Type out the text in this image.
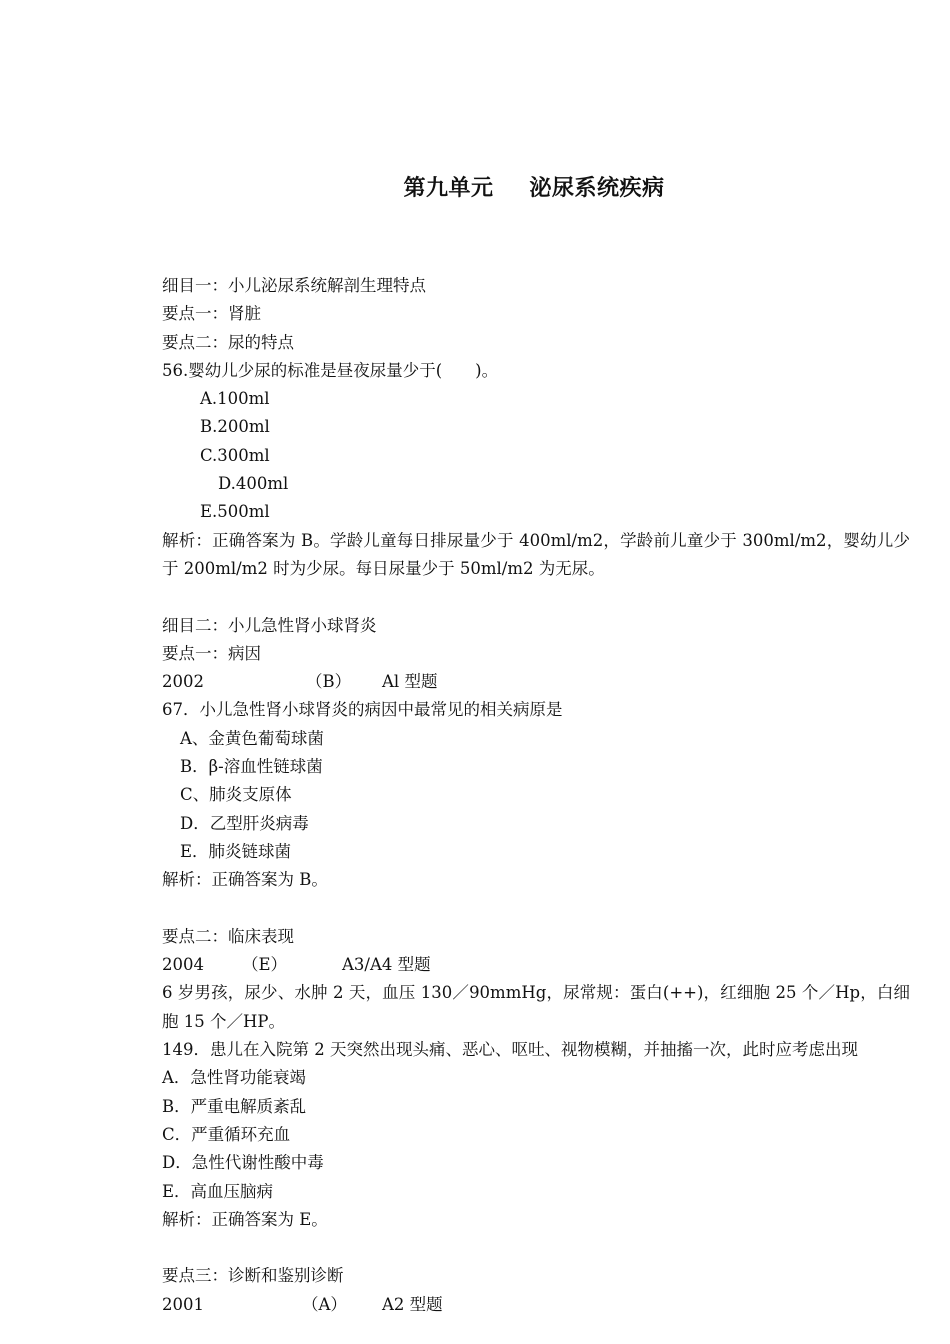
第九单元 泌尿系统疾病
细目一：小儿泌尿系统解剖生理特点
要点一：肾脏
要点二：尿的特点
56.婴幼儿少尿的标准是昼夜尿量少于(　　)。
A.100ml
B.200ml
C.300ml
D.400ml
E.500ml
解析：正确答案为 B。学龄儿童每日排尿量少于 400ml/m2，学龄前儿童少于 300ml/m2，婴幼儿少于 200ml/m2 时为少尿。每日尿量少于 50ml/m2 为无尿。
细目二：小儿急性肾小球肾炎
要点一：病因
2002	（B） Al 型题
67．小儿急性肾小球肾炎的病因中最常见的相关病原是
A、金黄色葡萄球菌
B．β-溶血性链球菌
C、肺炎支原体
D．乙型肝炎病毒
E．肺炎链球菌
解析：正确答案为 B。
要点二：临床表现
2004 （E）	A3/A4 型题
6 岁男孩，尿少、水肿 2 天，血压 130／90mmHg，尿常规：蛋白(++)，红细胞 25 个／Hp，白细胞 15 个／HP。
149．患儿在入院第 2 天突然出现头痛、恶心、呕吐、视物模糊，并抽搐一次，此时应考虑出现
A．急性肾功能衰竭
B．严重电解质紊乱
C．严重循环充血
D．急性代谢性酸中毒
E．高血压脑病
解析：正确答案为 E。
要点三：诊断和鉴别诊断
2001	（A） A2 型题
